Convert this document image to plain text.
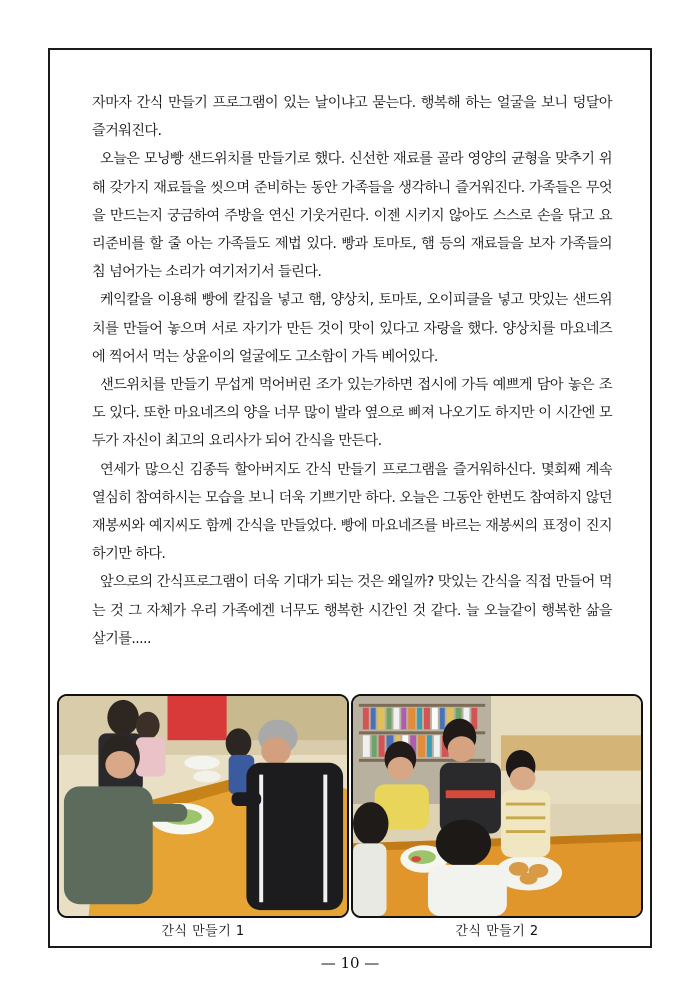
자마자 간식 만들기 프로그램이 있는 날이냐고 묻는다. 행복해 하는 얼굴을 보니 덩달아 즐거워진다.

오늘은 모닝빵 샌드위치를 만들기로 했다. 신선한 재료를 골라 영양의 균형을 맞추기 위해 갖가지 재료들을 씻으며 준비하는 동안 가족들을 생각하니 즐거워진다. 가족들은 무엇을 만드는지 궁금하여 주방을 연신 기웃거린다. 이젠 시키지 않아도 스스로 손을 닦고 요리준비를 할 줄 아는 가족들도 제법 있다. 빵과 토마토, 햄 등의 재료들을 보자 가족들의 침 넘어가는 소리가 여기저기서 들린다.

케익칼을 이용해 빵에 칼집을 넣고 햄, 양상치, 토마토, 오이피클을 넣고 맛있는 샌드위치를 만들어 놓으며 서로 자기가 만든 것이 맛이 있다고 자랑을 했다. 양상치를 마요네즈에 찍어서 먹는 상윤이의 얼굴에도 고소함이 가득 베어있다.

샌드위치를 만들기 무섭게 먹어버린 조가 있는가하면 접시에 가득 예쁘게 담아 놓은 조도 있다. 또한 마요네즈의 양을 너무 많이 발라 옆으로 삐져 나오기도 하지만 이 시간엔 모두가 자신이 최고의 요리사가 되어 간식을 만든다.

연세가 많으신 김종득 할아버지도 간식 만들기 프로그램을 즐거워하신다. 몇회째 계속 열심히 참여하시는 모습을 보니 더욱 기쁘기만 하다. 오늘은 그동안 한번도 참여하지 않던 재봉씨와 예지씨도 함께 간식을 만들었다. 빵에 마요네즈를 바르는 재봉씨의 표정이 진지하기만 하다.

앞으로의 간식프로그램이 더욱 기대가 되는 것은 왜일까? 맛있는 간식을 직접 만들어 먹는 것 그 자체가 우리 가족에겐 너무도 행복한 시간인 것 같다. 늘 오늘같이 행복한 삶을 살기를.....

간식 만들기 1	간식 만들기 2
— 10 —
